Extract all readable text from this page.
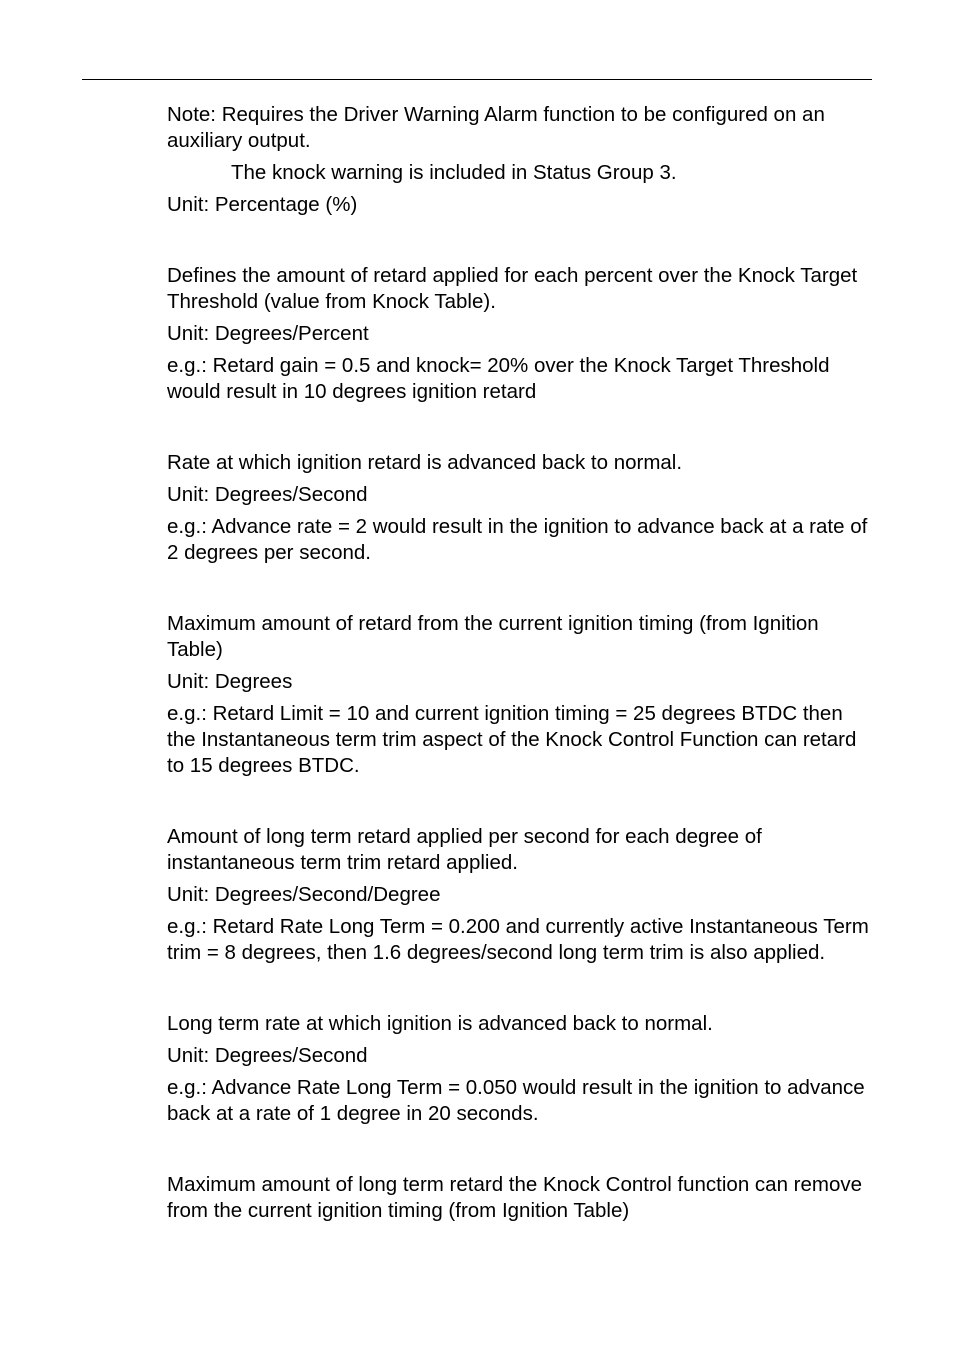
Note: Requires the Driver Warning Alarm function to be configured on an auxiliary output.

The knock warning is included in Status Group 3.

Unit: Percentage (%)

Defines the amount of retard applied for each percent over the Knock Target Threshold (value from Knock Table).

Unit: Degrees/Percent

e.g.: Retard gain = 0.5 and knock= 20% over the Knock Target Threshold would result in 10 degrees ignition retard

Rate at which ignition retard is advanced back to normal.

Unit: Degrees/Second

e.g.: Advance rate = 2 would result in the ignition to advance back at a rate of 2 degrees per second.

Maximum amount of retard from the current ignition timing (from Ignition Table)

Unit: Degrees

e.g.: Retard Limit = 10 and current ignition timing = 25 degrees BTDC then the Instantaneous term trim aspect of the Knock Control Function can retard to 15 degrees BTDC.

Amount of long term retard applied per second for each degree of instantaneous term trim retard applied.

Unit: Degrees/Second/Degree

e.g.: Retard Rate Long Term = 0.200 and currently active Instantaneous Term trim = 8 degrees, then 1.6 degrees/second long term trim is also applied.

Long term rate at which ignition is advanced back to normal.

Unit: Degrees/Second

e.g.: Advance Rate Long Term = 0.050 would result in the ignition to advance back at a rate of 1 degree in 20 seconds.

Maximum amount of long term retard the Knock Control function can remove from the current ignition timing (from Ignition Table)
